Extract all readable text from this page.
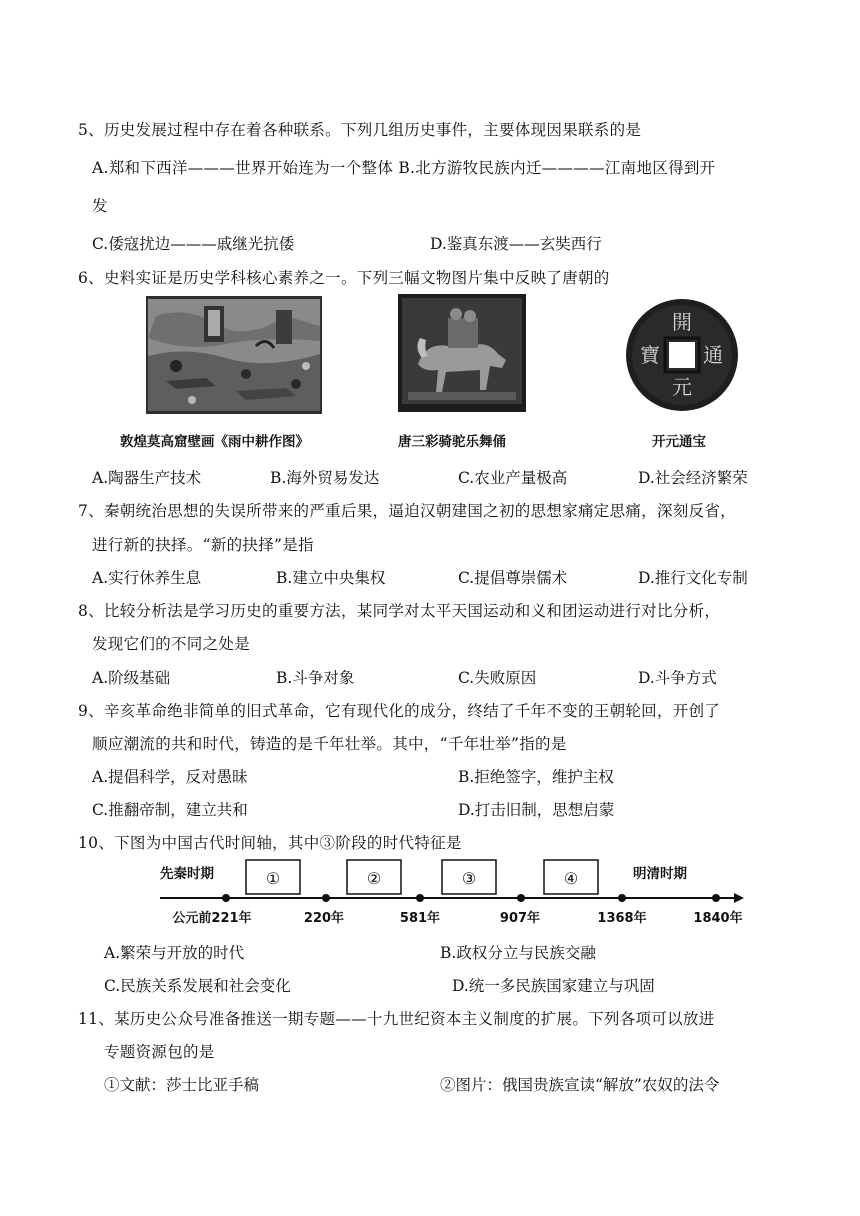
5、历史发展过程中存在着各种联系。下列几组历史事件，主要体现因果联系的是
A.郑和下西洋———世界开始连为一个整体 B.北方游牧民族内迁————江南地区得到开
发
C.倭寇扰边———戚继光抗倭	D.鉴真东渡——玄奘西行
6、史料实证是历史学科核心素养之一。下列三幅文物图片集中反映了唐朝的
敦煌莫高窟壁画《雨中耕作图》	唐三彩骑驼乐舞俑
開
元
通
寶
开元通宝
A.陶器生产技术	B.海外贸易发达	C.农业产量极高	D.社会经济繁荣
7、秦朝统治思想的失误所带来的严重后果，逼迫汉朝建国之初的思想家痛定思痛，深刻反省，
进行新的抉择。“新的抉择”是指
A.实行休养生息	B.建立中央集权	C.提倡尊崇儒术	D.推行文化专制
8、比较分析法是学习历史的重要方法，某同学对太平天国运动和义和团运动进行对比分析，
发现它们的不同之处是
A.阶级基础	B.斗争对象	C.失败原因	D.斗争方式
9、辛亥革命绝非简单的旧式革命，它有现代化的成分，终结了千年不变的王朝轮回，开创了
顺应潮流的共和时代，铸造的是千年壮举。其中，“千年壮举”指的是
A.提倡科学，反对愚昧	B.拒绝签字，维护主权
C.推翻帝制，建立共和	D.打击旧制，思想启蒙
10、下图为中国古代时间轴，其中③阶段的时代特征是
先秦时期	明清时期
①	②	③	④
公元前221年	220年	581年	907年	1368年	1840年
A.繁荣与开放的时代	B.政权分立与民族交融
C.民族关系发展和社会变化	D.统一多民族国家建立与巩固
11、某历史公众号准备推送一期专题——十九世纪资本主义制度的扩展。下列各项可以放进
专题资源包的是
①文献：莎士比亚手稿	②图片：俄国贵族宣读“解放”农奴的法令
